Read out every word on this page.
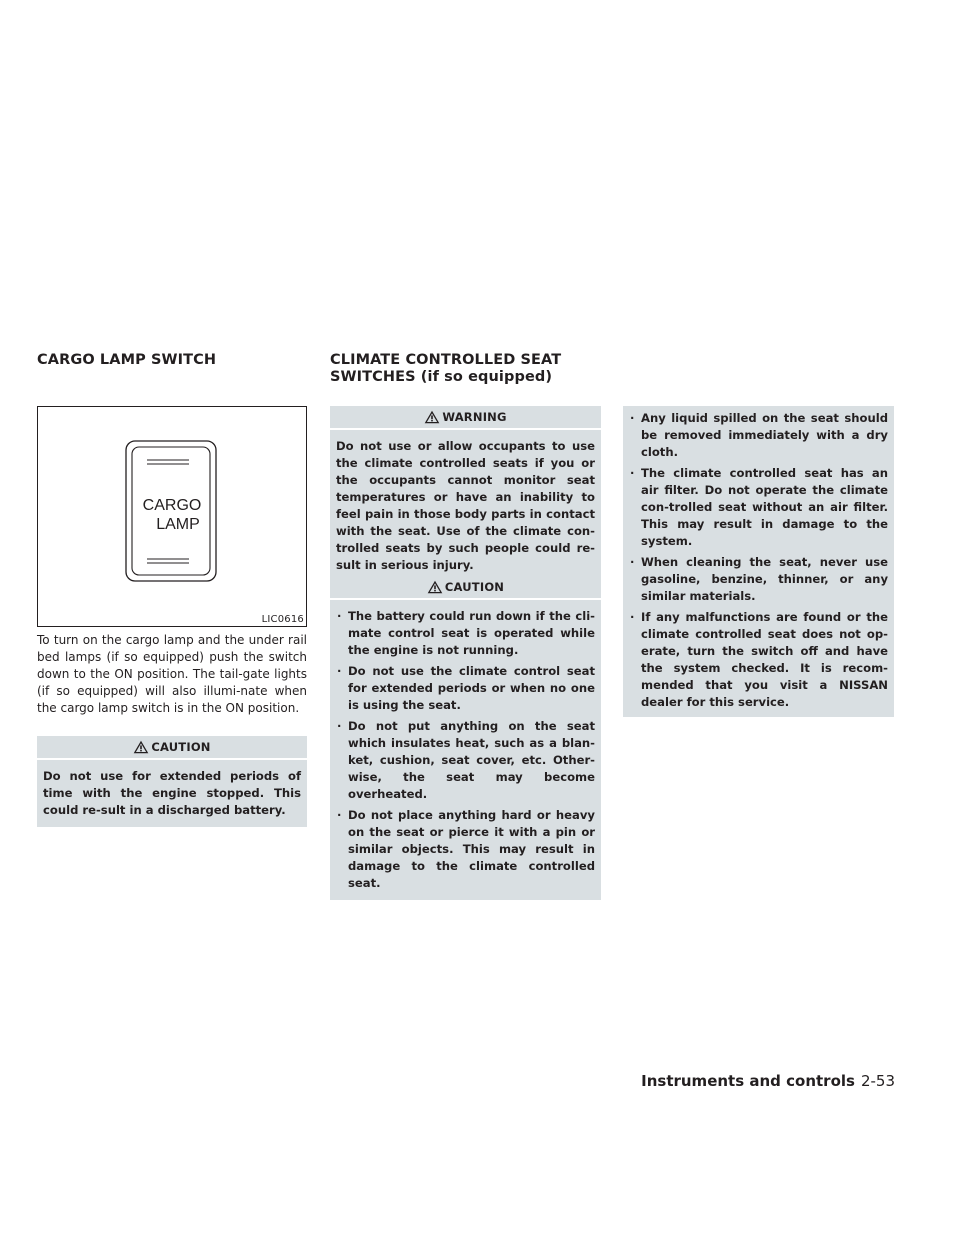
CARGO LAMP SWITCH	CLIMATE CONTROLLED SEAT SWITCHES (if so equipped)
CARGO
LAMP
LIC0616

To turn on the cargo lamp and the under rail bed lamps (if so equipped) push the switch down to the ON position. The tail-gate lights (if so equipped) will also illumi-nate when the cargo lamp switch is in the ON position.

CAUTION

Do not use for extended periods of time with the engine stopped. This could re-sult in a discharged battery.

WARNING

Do not use or allow occupants to use the climate controlled seats if you or the occupants cannot monitor seat temperatures or have an inability to feel pain in those body parts in contact with the seat. Use of the climate con-trolled seats by such people could re-sult in serious injury.

CAUTION
· The battery could run down if the cli-mate control seat is operated while the engine is not running.
· Do not use the climate control seat for extended periods or when no one is using the seat.
· Do not put anything on the seat which insulates heat, such as a blan-ket, cushion, seat cover, etc. Other-wise, the seat may become overheated.
· Do not place anything hard or heavy on the seat or pierce it with a pin or similar objects. This may result in damage to the climate controlled seat.
· Any liquid spilled on the seat should be removed immediately with a dry cloth.
· The climate controlled seat has an air filter. Do not operate the climate con-trolled seat without an air filter. This may result in damage to the system.
· When cleaning the seat, never use gasoline, benzine, thinner, or any similar materials.
· If any malfunctions are found or the climate controlled seat does not op-erate, turn the switch off and have the system checked. It is recom-mended that you visit a NISSAN dealer for this service.
Instruments and controls 2-53
